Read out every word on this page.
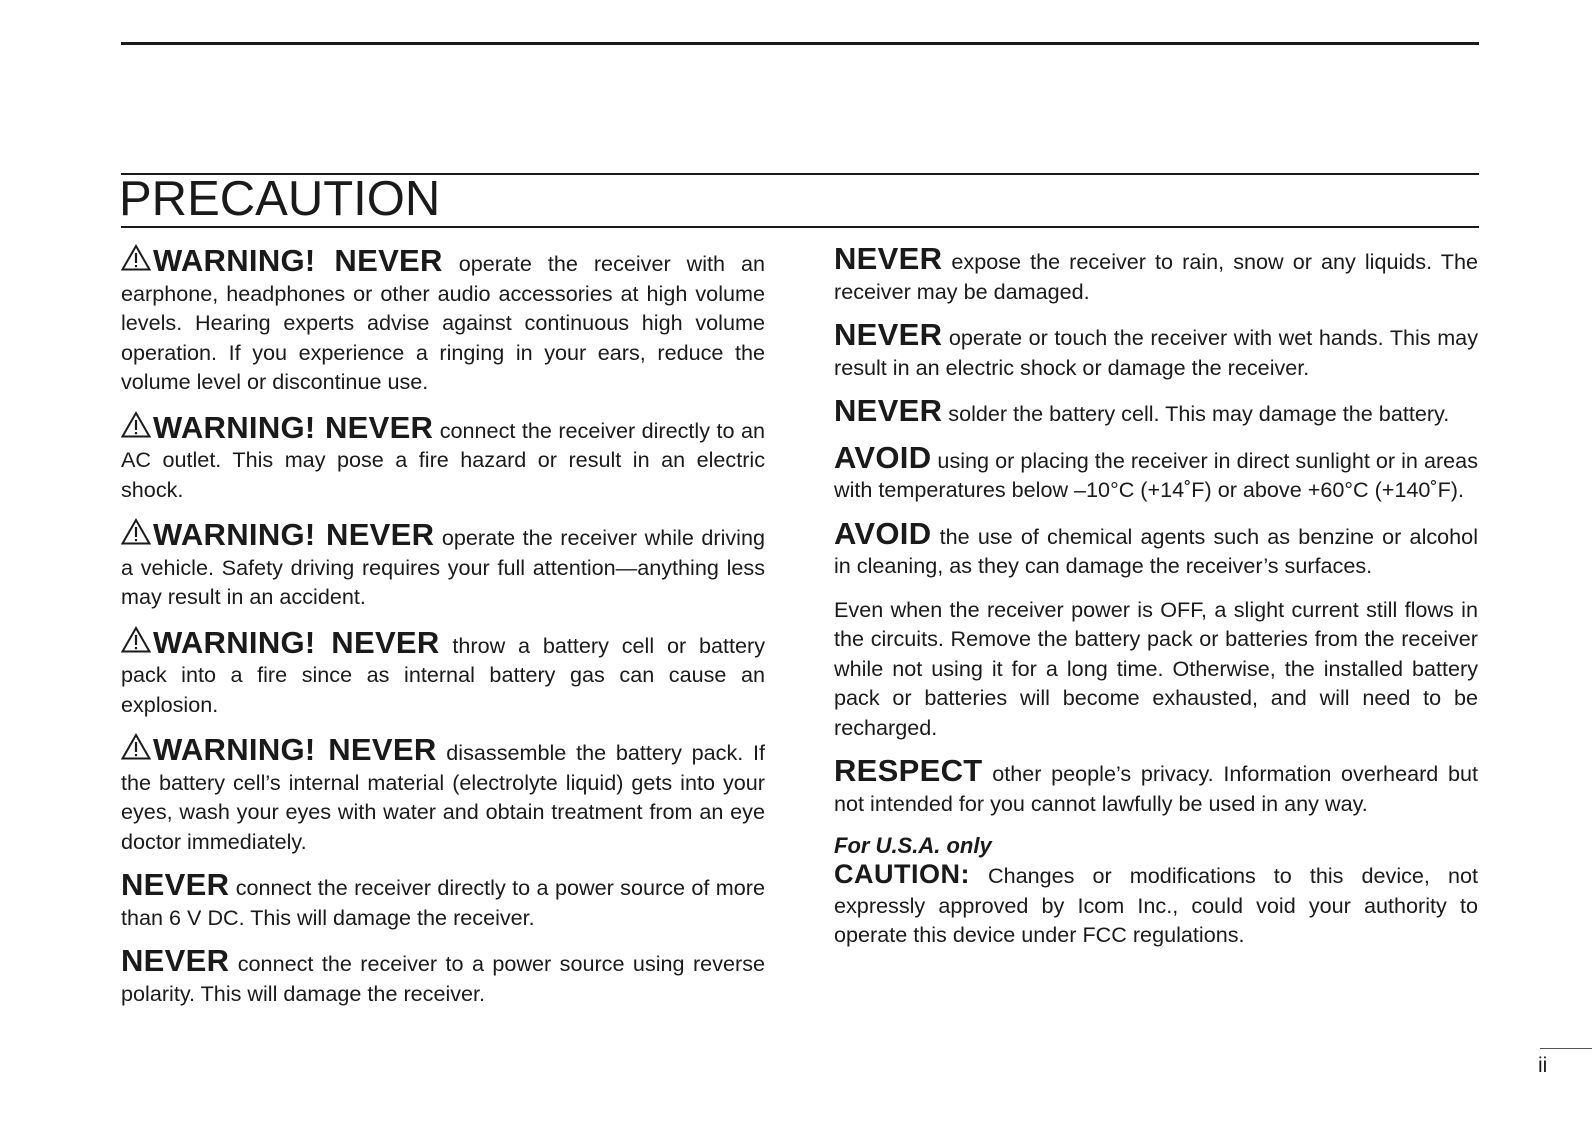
PRECAUTION

WARNING! NEVER operate the receiver with an earphone, headphones or other audio accessories at high volume levels. Hearing experts advise against continuous high volume operation. If you experience a ringing in your ears, reduce the volume level or discontinue use.

WARNING! NEVER connect the receiver directly to an AC outlet. This may pose a fire hazard or result in an electric shock.

WARNING! NEVER operate the receiver while driving a vehicle. Safety driving requires your full attention—anything less may result in an accident.

WARNING! NEVER throw a battery cell or battery pack into a fire since as internal battery gas can cause an explosion.

WARNING! NEVER disassemble the battery pack. If the battery cell’s internal material (electrolyte liquid) gets into your eyes, wash your eyes with water and obtain treatment from an eye doctor immediately.

NEVER connect the receiver directly to a power source of more than 6 V DC. This will damage the receiver.

NEVER connect the receiver to a power source using reverse polarity. This will damage the receiver.

NEVER expose the receiver to rain, snow or any liquids. The receiver may be damaged.

NEVER operate or touch the receiver with wet hands. This may result in an electric shock or damage the receiver.

NEVER solder the battery cell. This may damage the battery.

AVOID using or placing the receiver in direct sunlight or in areas with temperatures below –10°C (+14˚F) or above +60°C (+140˚F).

AVOID the use of chemical agents such as benzine or alcohol in cleaning, as they can damage the receiver’s surfaces.

Even when the receiver power is OFF, a slight current still flows in the circuits. Remove the battery pack or batteries from the receiver while not using it for a long time. Otherwise, the installed battery pack or batteries will become exhausted, and will need to be recharged.

RESPECT other people’s privacy. Information overheard but not intended for you cannot lawfully be used in any way.

For U.S.A. only
CAUTION: Changes or modifications to this device, not expressly approved by Icom Inc., could void your authority to operate this device under FCC regulations.

ii
